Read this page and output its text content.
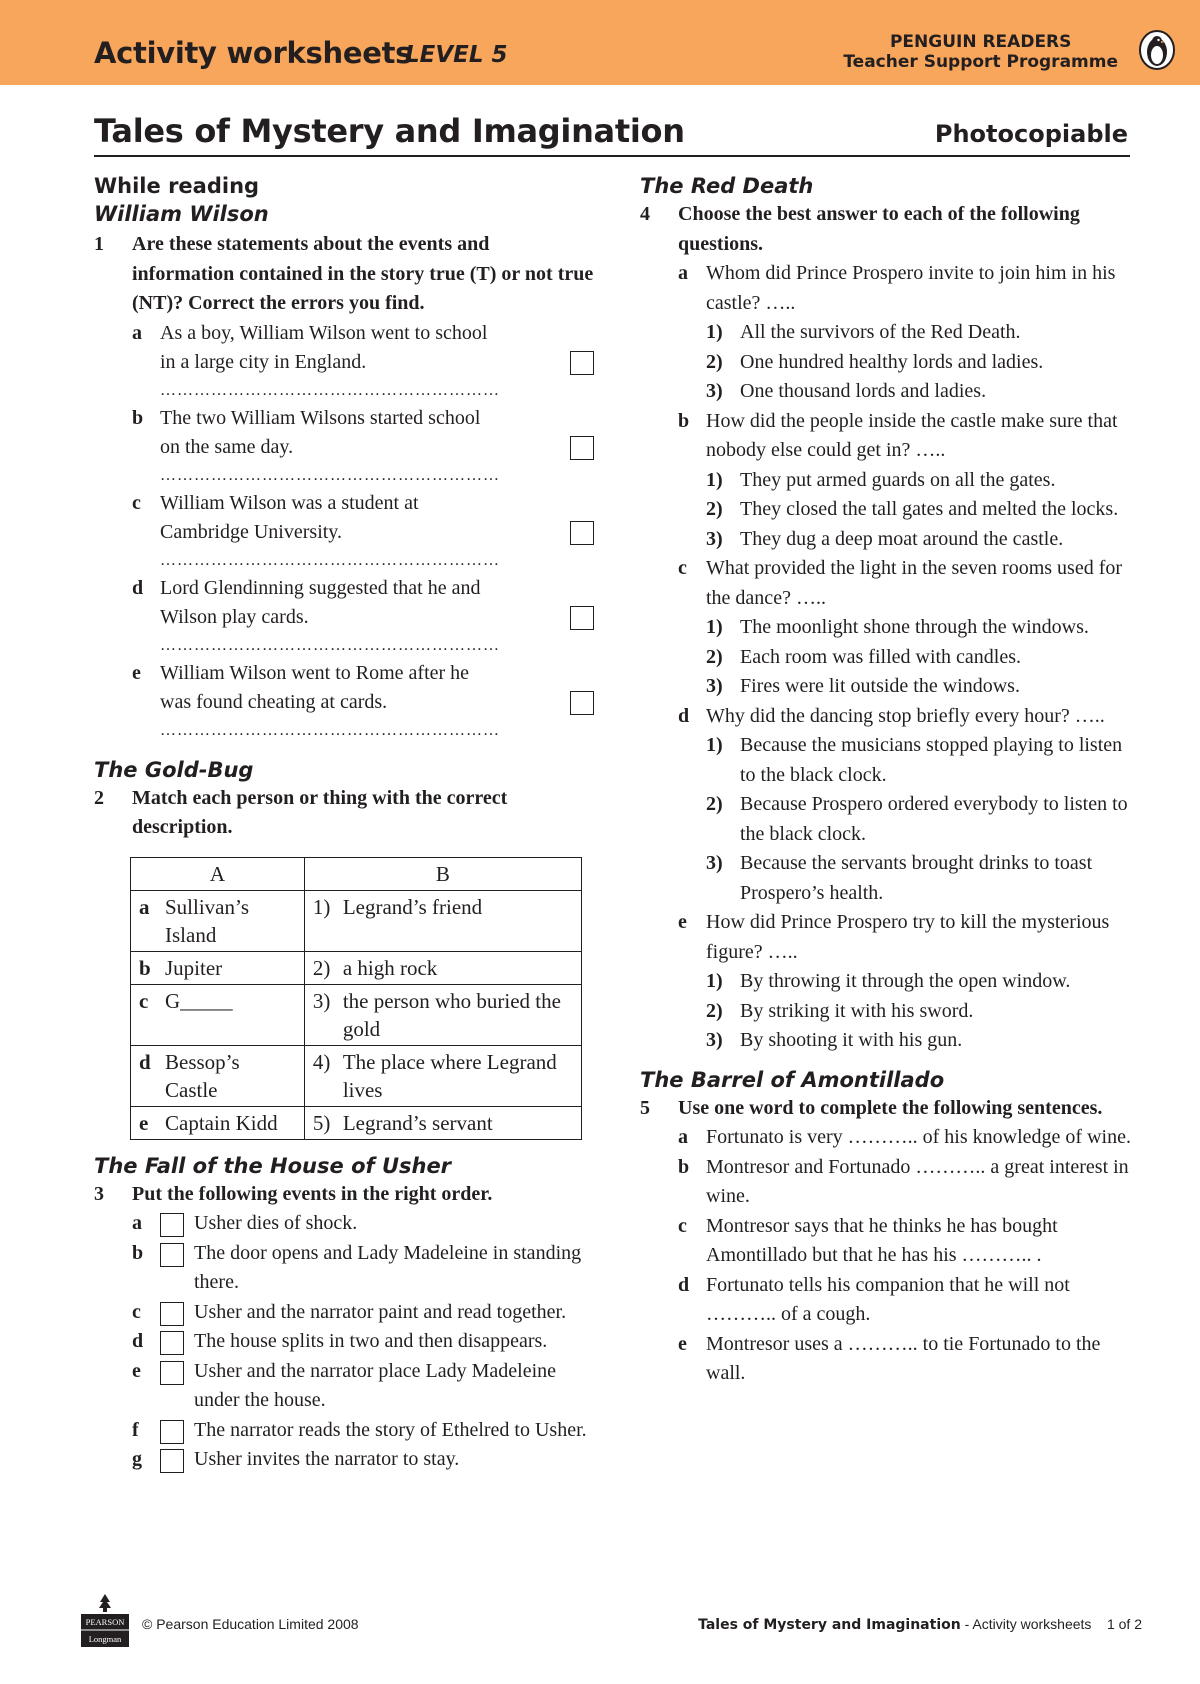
Activity worksheets
LEVEL 5	PENGUIN READERS
Teacher Support Programme
Tales of Mystery and Imagination	Photocopiable
While reading
William Wilson
1	Are these statements about the events and information contained in the story true (T) or not true (NT)? Correct the errors you find.
a As a boy, William Wilson went to school
in a large city in England.
……………………………………………………
b The two William Wilsons started school
on the same day.
……………………………………………………
c William Wilson was a student at
Cambridge University.
……………………………………………………
d Lord Glendinning suggested that he and
Wilson play cards.
……………………………………………………
e William Wilson went to Rome after he
was found cheating at cards.
……………………………………………………
The Gold-Bug
2	Match each person or thing with the correct description.
A	B

a Sullivan’s Island	1) Legrand’s friend

b Jupiter	2) a high rock

c G_____	3) the person who buried the gold

d Bessop’s Castle	4) The place where Legrand lives

e Captain Kidd	5) Legrand’s servant
The Fall of the House of Usher
3	Put the following events in the right order.
a	Usher dies of shock.
b	The door opens and Lady Madeleine in standing there.
c	Usher and the narrator paint and read together.
d	The house splits in two and then disappears.
e	Usher and the narrator place Lady Madeleine under the house.
f	The narrator reads the story of Ethelred to Usher.
g	Usher invites the narrator to stay.
The Red Death
4	Choose the best answer to each of the following questions.
a Whom did Prince Prospero invite to join him in his castle? …..
1) All the survivors of the Red Death.
2) One hundred healthy lords and ladies.
3) One thousand lords and ladies.
b How did the people inside the castle make sure that nobody else could get in? …..
1) They put armed guards on all the gates.
2) They closed the tall gates and melted the locks.
3) They dug a deep moat around the castle.
c What provided the light in the seven rooms used for the dance? …..
1) The moonlight shone through the windows.
2) Each room was filled with candles.
3) Fires were lit outside the windows.
d Why did the dancing stop briefly every hour? …..
1) Because the musicians stopped playing to listen to the black clock.
2) Because Prospero ordered everybody to listen to the black clock.
3) Because the servants brought drinks to toast Prospero’s health.
e How did Prince Prospero try to kill the mysterious figure? …..
1) By throwing it through the open window.
2) By striking it with his sword.
3) By shooting it with his gun.
The Barrel of Amontillado
5	Use one word to complete the following sentences.
a Fortunato is very ……….. of his knowledge of wine.
b Montresor and Fortunado ……….. a great interest in wine.
c Montresor says that he thinks he has bought Amontillado but that he has his ……….. .
d Fortunato tells his companion that he will not ……….. of a cough.
e Montresor uses a ……….. to tie Fortunado to the wall.
PEARSON
Longman
© Pearson Education Limited 2008	Tales of Mystery and Imagination - Activity worksheets    1 of 2
